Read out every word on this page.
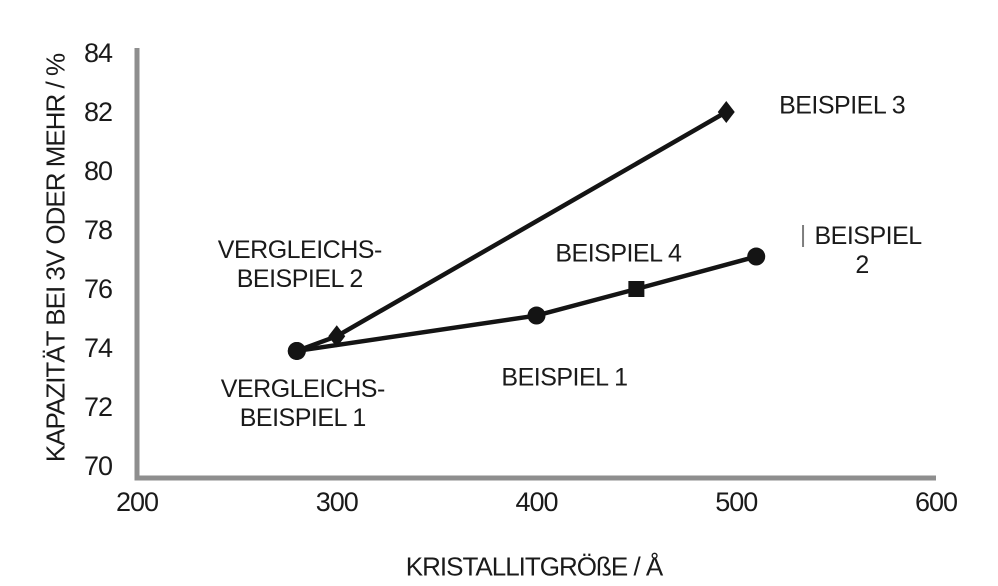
70
72
74
76
78
80
82
84
200	300	400	500	600
VERGLEICHS-
BEISPIEL 2
VERGLEICHS-
BEISPIEL 1
BEISPIEL 1
BEISPIEL 4
BEISPIEL 3
BEISPIEL 2
KAPAZITÄT BEI 3V ODER MEHR / %
KRISTALLITGRÖßE / Å
